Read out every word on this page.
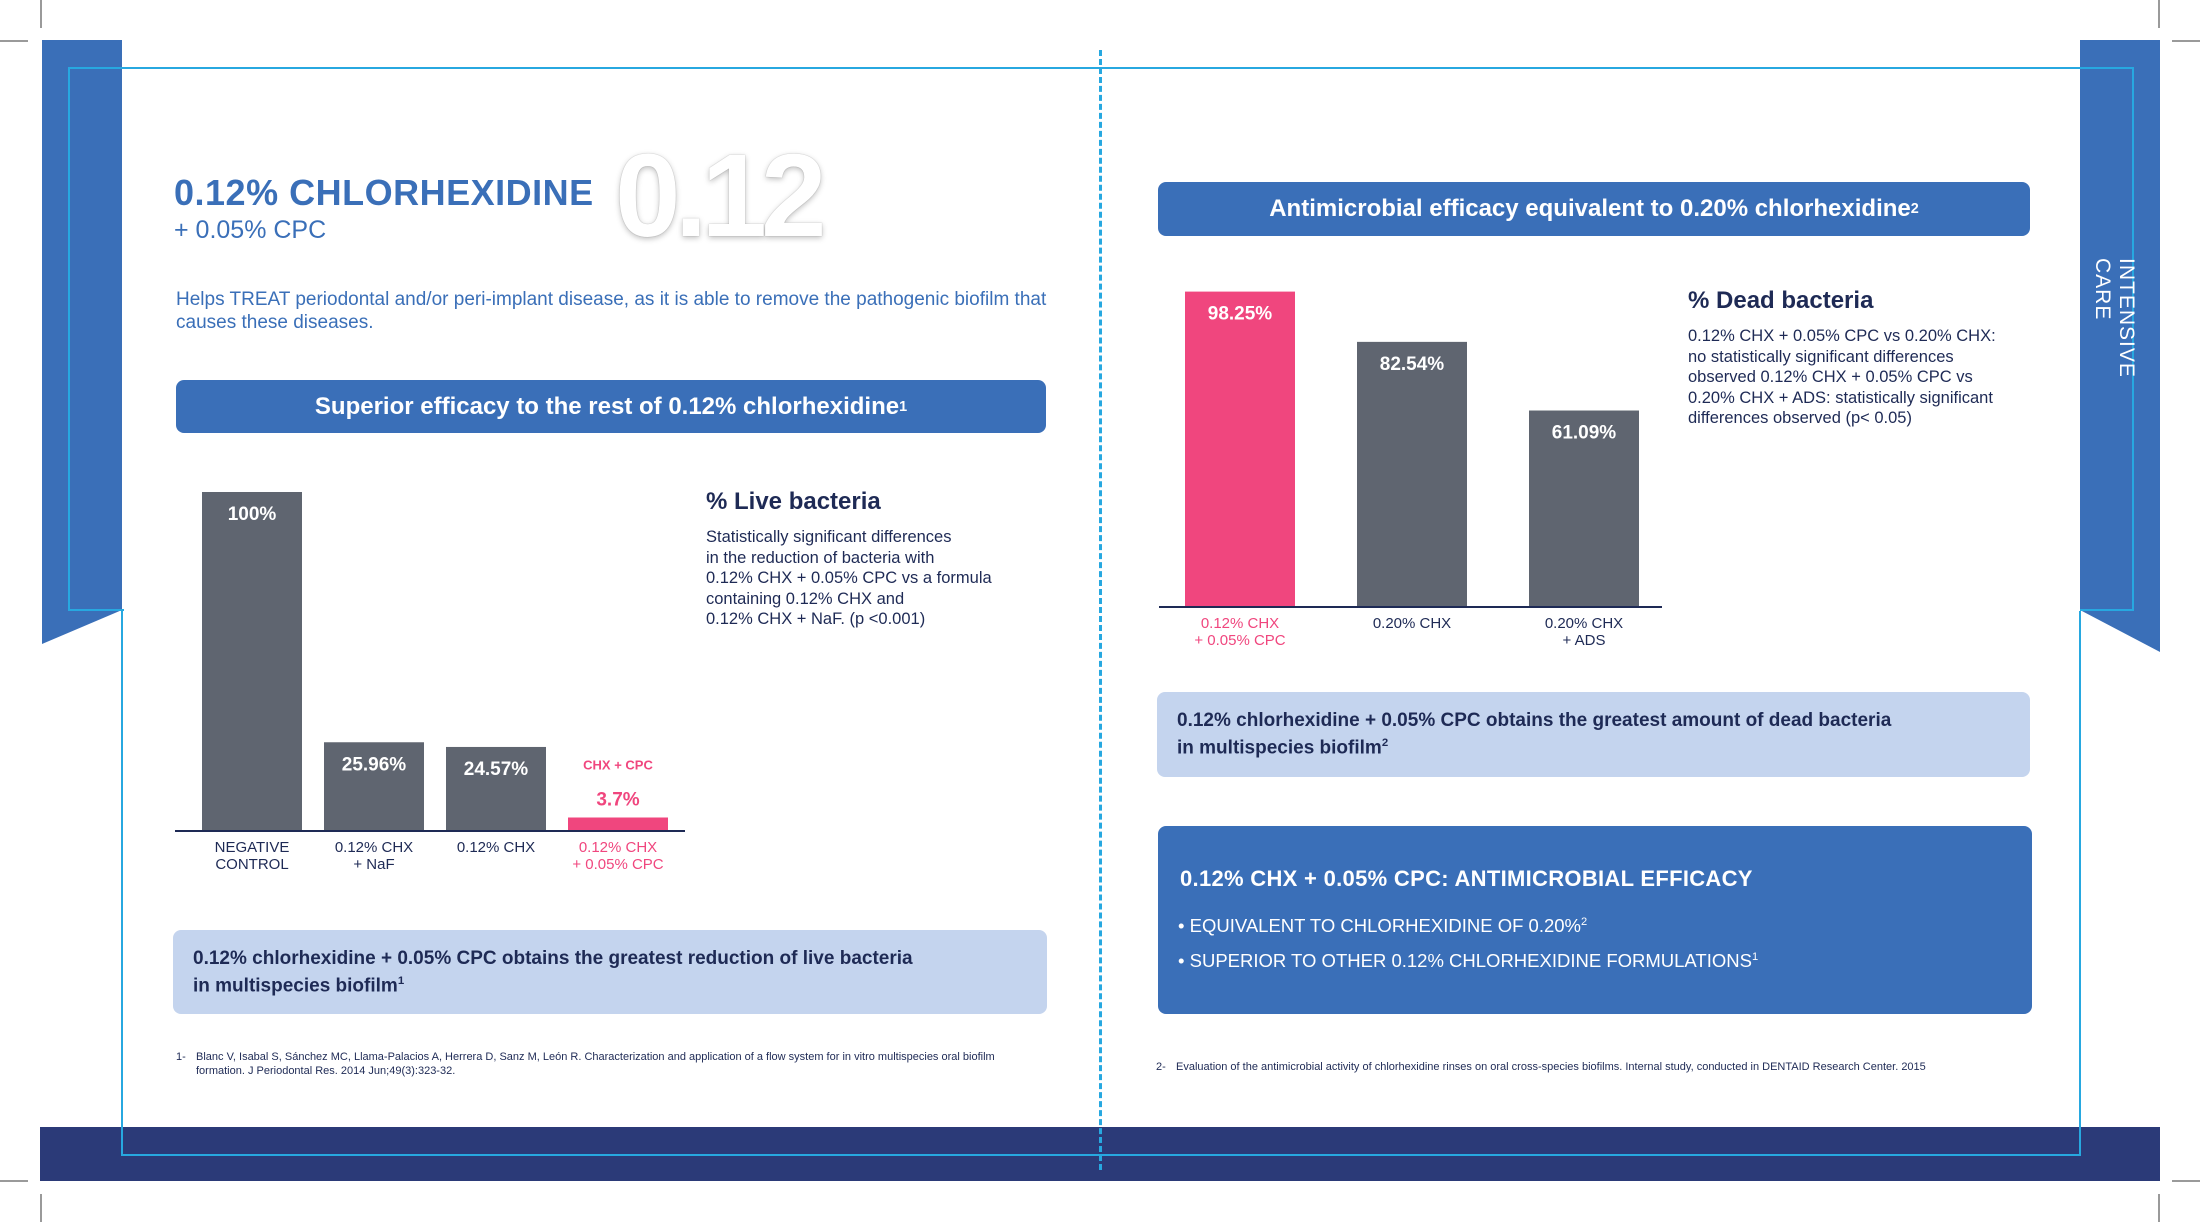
INTENSIVE CARE
0.12% CHLORHEXIDINE
+ 0.05% CPC 0.12
Helps TREAT periodontal and/or peri-implant disease, as it is able to remove the pathogenic biofilm that causes these diseases.
Superior efficacy to the rest of 0.12% chlorhexidine 1
100%
NEGATIVE
CONTROL
25.96%
0.12% CHX
+ NaF
24.57%
0.12% CHX
3.7%
CHX + CPC
0.12% CHX
+ 0.05% CPC
% Live bacteria
Statistically significant differences
in the reduction of bacteria with
0.12% CHX + 0.05% CPC vs a formula
containing 0.12% CHX and
0.12% CHX + NaF. (p <0.001)
0.12% chlorhexidine + 0.05% CPC obtains the greatest reduction of live bacteria
in multispecies biofilm$^1$
1- Blanc V, Isabal S, Sánchez MC, Llama-Palacios A, Herrera D, Sanz M, León R. Characterization and application of a flow system for in vitro multispecies oral biofilm
formation. J Periodontal Res. 2014 Jun;49(3):323-32.
Antimicrobial efficacy equivalent to 0.20% chlorhexidine 2
98.25%
0.12% CHX
+ 0.05% CPC
82.54%
0.20% CHX
61.09%
0.20% CHX
+ ADS
% Dead bacteria
0.12% CHX + 0.05% CPC vs 0.20% CHX:
no statistically significant differences
observed 0.12% CHX + 0.05% CPC vs
0.20% CHX + ADS: statistically significant
differences observed (p< 0.05)
0.12% chlorhexidine + 0.05% CPC obtains the greatest amount of dead bacteria
in multispecies biofilm$^2$
0.12% CHX + 0.05% CPC: ANTIMICROBIAL EFFICACY
• EQUIVALENT TO CHLORHEXIDINE OF 0.20%$^2$
• SUPERIOR TO OTHER 0.12% CHLORHEXIDINE FORMULATIONS$^1$
2- Evaluation of the antimicrobial activity of chlorhexidine rinses on oral cross-species biofilms. Internal study, conducted in DENTAID Research Center. 2015
